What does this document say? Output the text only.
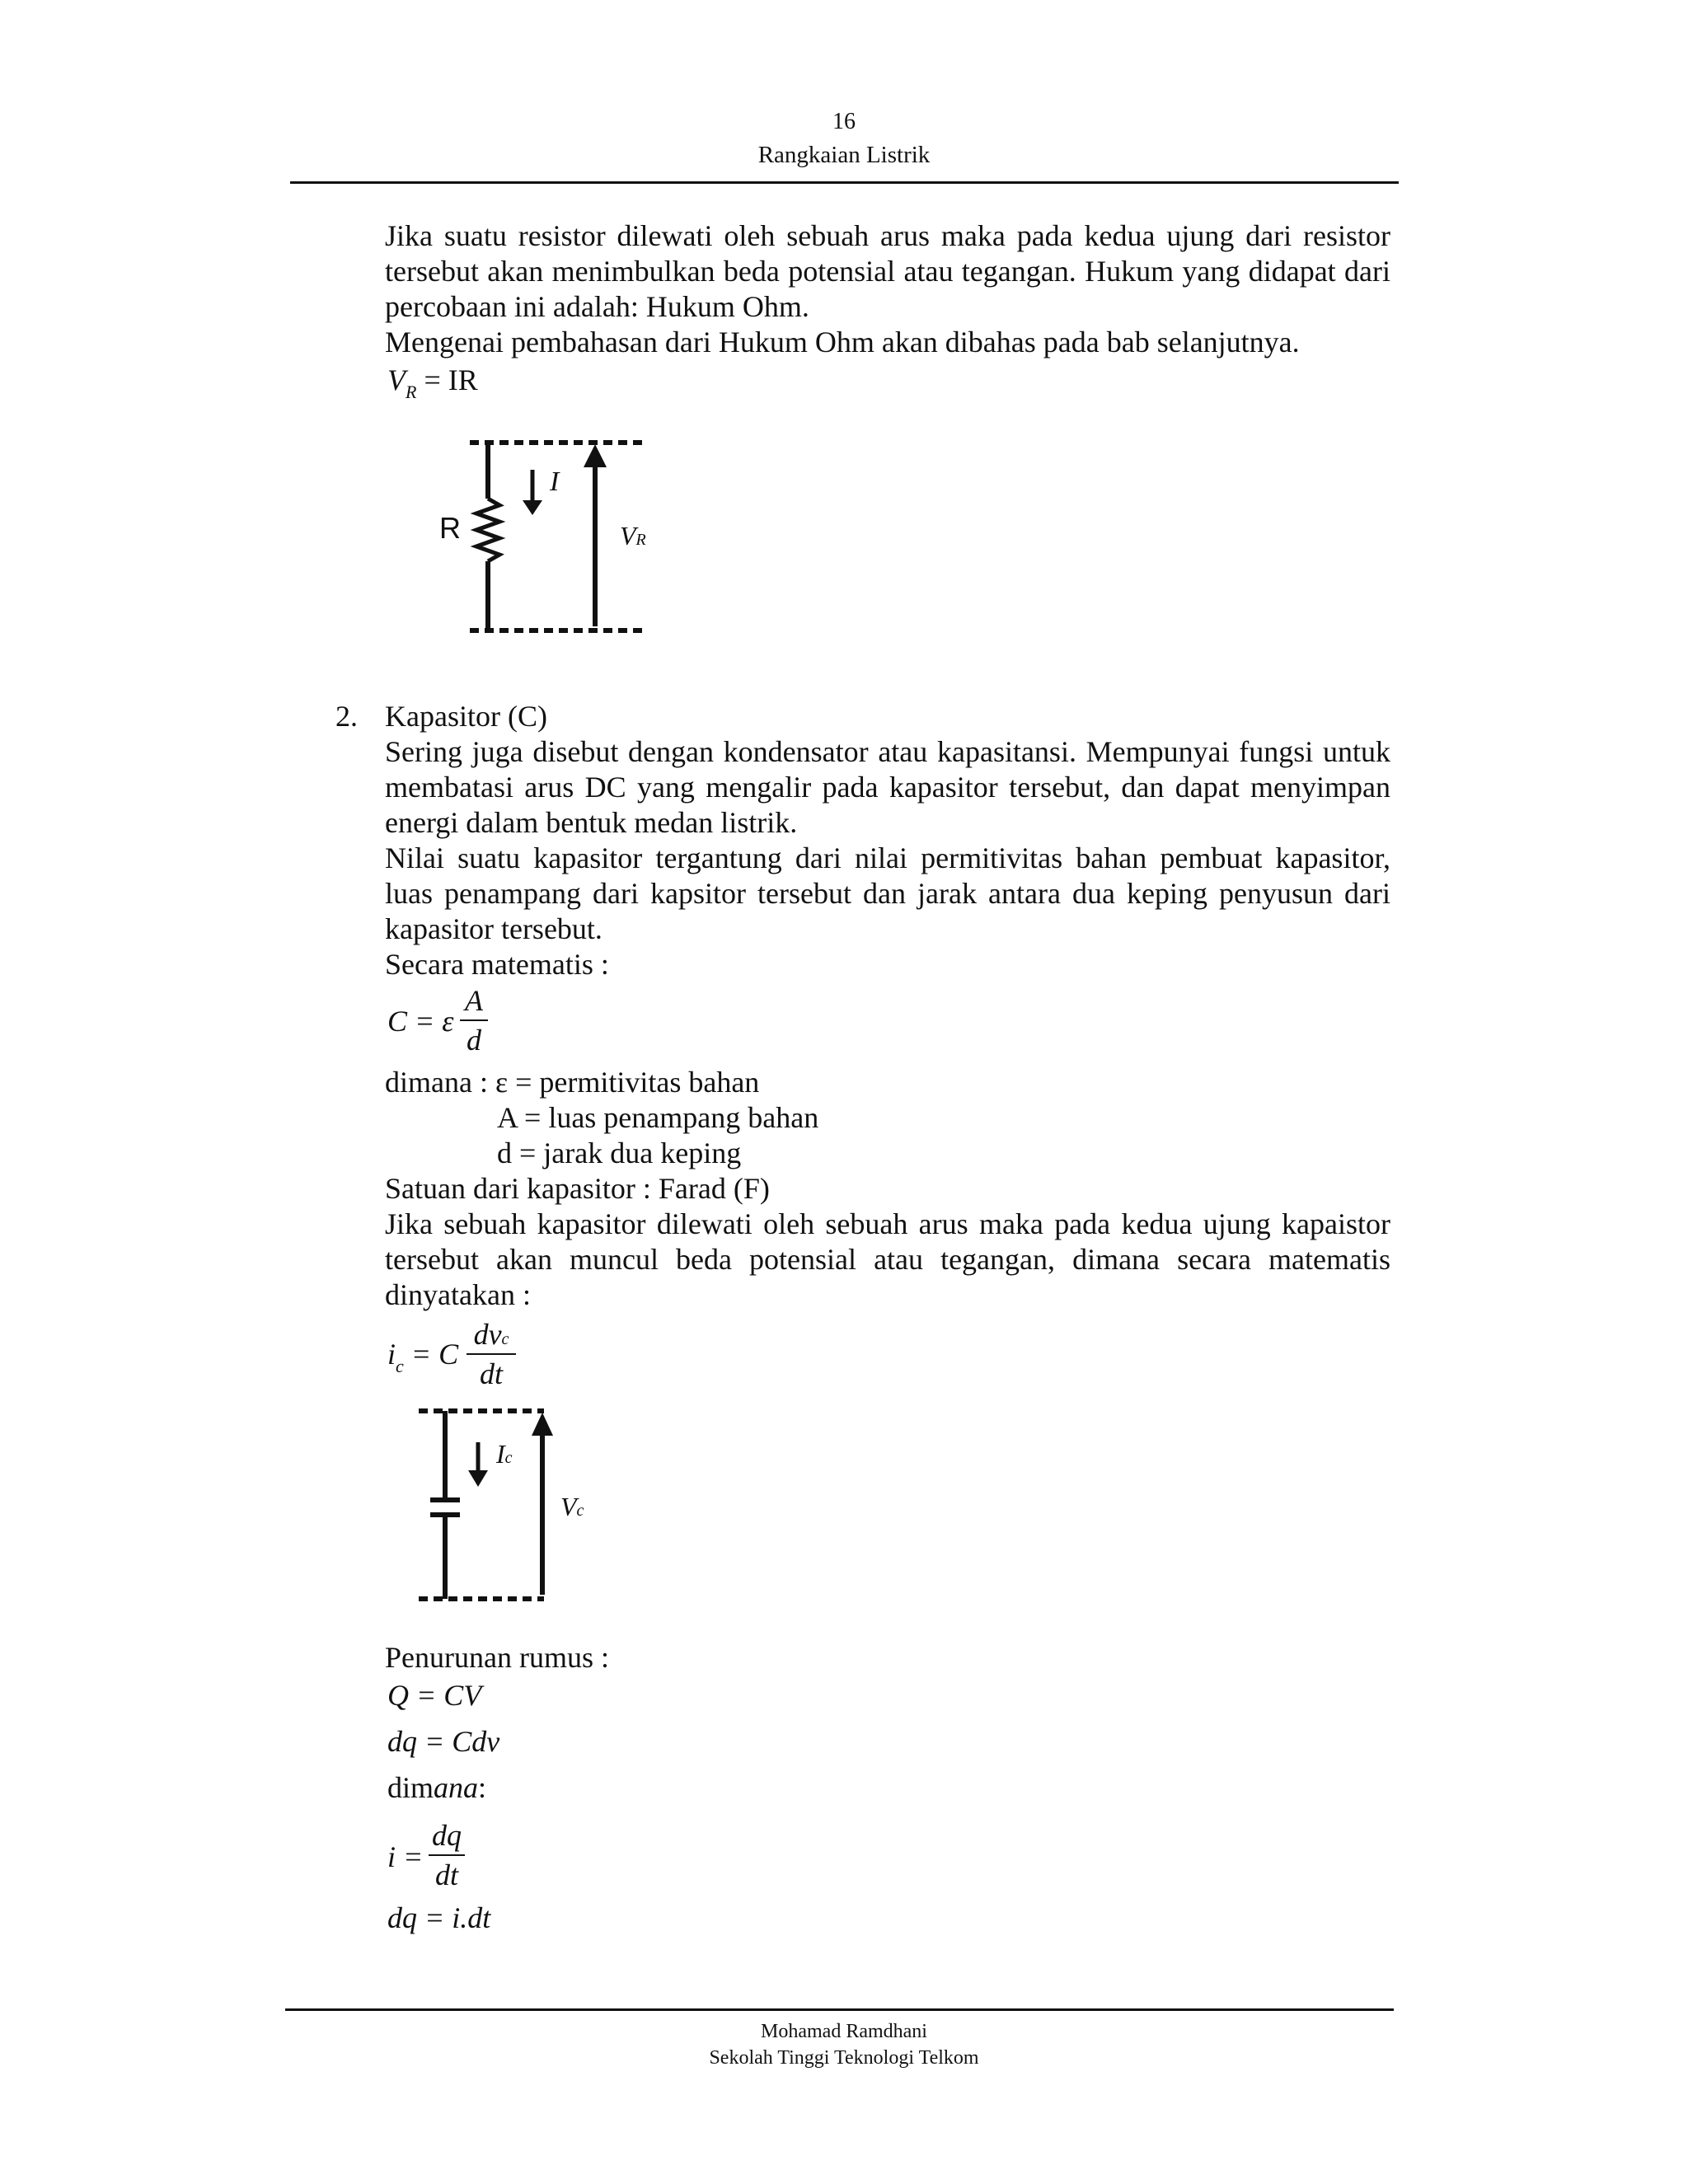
16
Rangkaian Listrik
Jika suatu resistor dilewati oleh sebuah arus maka pada kedua ujung dari resistor tersebut akan menimbulkan beda potensial atau tegangan. Hukum yang didapat dari percobaan ini adalah: Hukum Ohm.
Mengenai pembahasan dari Hukum Ohm akan dibahas pada bab selanjutnya.
$V_R$ = IR
R
I
VR
2. Kapasitor (C)
Sering juga disebut dengan kondensator atau kapasitansi. Mempunyai fungsi untuk membatasi arus DC yang mengalir pada kapasitor tersebut, dan dapat menyimpan energi dalam bentuk medan listrik.
Nilai suatu kapasitor tergantung dari nilai permitivitas bahan pembuat kapasitor, luas penampang dari kapsitor tersebut dan jarak antara dua keping penyusun dari kapasitor tersebut.
Secara matematis :
C = ε
A
d
dimana : ε = permitivitas bahan
A = luas penampang bahan
d = jarak dua keping
Satuan dari kapasitor : Farad (F)
Jika sebuah kapasitor dilewati oleh sebuah arus maka pada kedua ujung kapaistor tersebut akan muncul beda potensial atau tegangan, dimana secara matematis dinyatakan :
$i_c = C$
dvc
dt
Ic
Vc
Penurunan rumus :
Q = CV
dq = Cdv
dimana:
i =
dq
dt
dq = i.dt
Mohamad Ramdhani
Sekolah Tinggi Teknologi Telkom
